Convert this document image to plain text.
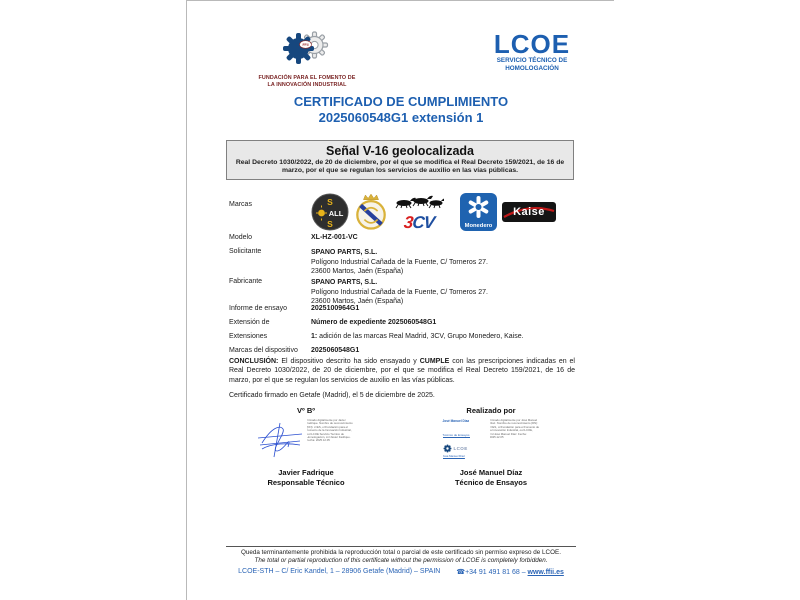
FFII
FUNDACIÓN PARA EL FOMENTO DE
LA INNOVACIÓN INDUSTRIAL
LCOE
SERVICIO TÉCNICO DE
HOMOLOGACIÓN
CERTIFICADO DE CUMPLIMIENTO
2025060548G1 extensión 1
Señal V-16 geolocalizada
Real Decreto 1030/2022, de 20 de diciembre, por el que se modifica el Real Decreto 159/2021, de 16 de marzo, por el que se regulan los servicios de auxilio en las vías públicas.
Marcas	S
ALL
S	3CV	Monedero
Kaise
Modelo	XL-HZ-001-VC
Solicitante	SPANO PARTS, S.L.
Polígono Industrial Cañada de la Fuente, C/ Torneros 27.
23600 Martos, Jaén (España)
Fabricante	SPANO PARTS, S.L.
Polígono Industrial Cañada de la Fuente, C/ Torneros 27.
23600 Martos, Jaén (España)
Informe de ensayo	2025100964G1
Extensión de	Número de expediente 2025060548G1
Extensiones	1: adición de las marcas Real Madrid, 3CV, Grupo Monedero, Kaise.
Marcas del dispositivo 2025060548G1
CONCLUSIÓN: El dispositivo descrito ha sido ensayado y CUMPLE con las prescripciones indicadas en el Real Decreto 1030/2022, de 20 de diciembre, por el que se modifica el Real Decreto 159/2021, de 16 de marzo, por el que se regulan los servicios de auxilio en las vías públicas.
Certificado firmado en Getafe (Madrid), el 5 de diciembre de 2025.
Vº Bº
Firmado digitalmente por Javier Fadrique. Nombre de reconocimiento (DN): c=ES, o=Fundación para el Fomento de la Innovación Industrial, ou=LCOE Servicio Técnico de Homologación, cn=Javier Fadrique. Fecha: 2025.12.05
Javier Fadrique
Responsable Técnico
Realizado por
José Manuel Díaz
Técnico de Ensayos
LCOE
José Manuel Díaz
Firmado digitalmente por José Manuel Díaz. Nombre de reconocimiento (DN): c=ES, o=Fundación para el Fomento de la Innovación Industrial, ou=LCOE, cn=José Manuel Díaz. Fecha: 2025.12.05
José Manuel Díaz
Técnico de Ensayos
Queda terminantemente prohibida la reproducción total o parcial de este certificado sin permiso expreso de LCOE.
The total or partial reproduction of this certificate without the permission of LCOE is completely forbidden.
LCOE-STH – C/ Eric Kandel, 1 – 28906 Getafe (Madrid) – SPAIN ☎+34 91 491 81 68 – www.ffii.es
